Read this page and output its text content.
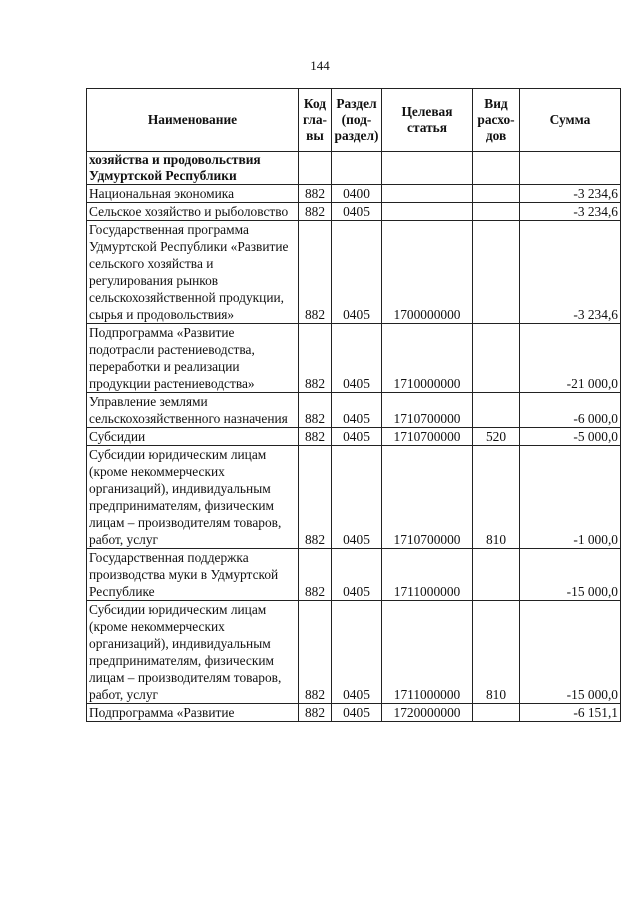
144
Наименование	Код гла-вы	Раздел (под-раздел)	Целевая статья	Вид расхо-дов	Сумма
хозяйства и продовольствия Удмуртской Республики					
Национальная экономика	882	0400			-3 234,6
Сельское хозяйство и рыболовство	882	0405			-3 234,6
Государственная программа Удмуртской Республики «Развитие сельского хозяйства и регулирования рынков сельскохозяйственной продукции, сырья и продовольствия»	882	0405	1700000000		-3 234,6
Подпрограмма «Развитие подотрасли растениеводства, переработки и реализации продукции растениеводства»	882	0405	1710000000		-21 000,0
Управление землями сельскохозяйственного назначения	882	0405	1710700000		-6 000,0
Субсидии	882	0405	1710700000	520	-5 000,0
Субсидии юридическим лицам (кроме некоммерческих организаций), индивидуальным предпринимателям, физическим лицам – производителям товаров, работ, услуг	882	0405	1710700000	810	-1 000,0
Государственная поддержка производства муки в Удмуртской Республике	882	0405	1711000000		-15 000,0
Субсидии юридическим лицам (кроме некоммерческих организаций), индивидуальным предпринимателям, физическим лицам – производителям товаров, работ, услуг	882	0405	1711000000	810	-15 000,0
Подпрограмма «Развитие	882	0405	1720000000		-6 151,1
